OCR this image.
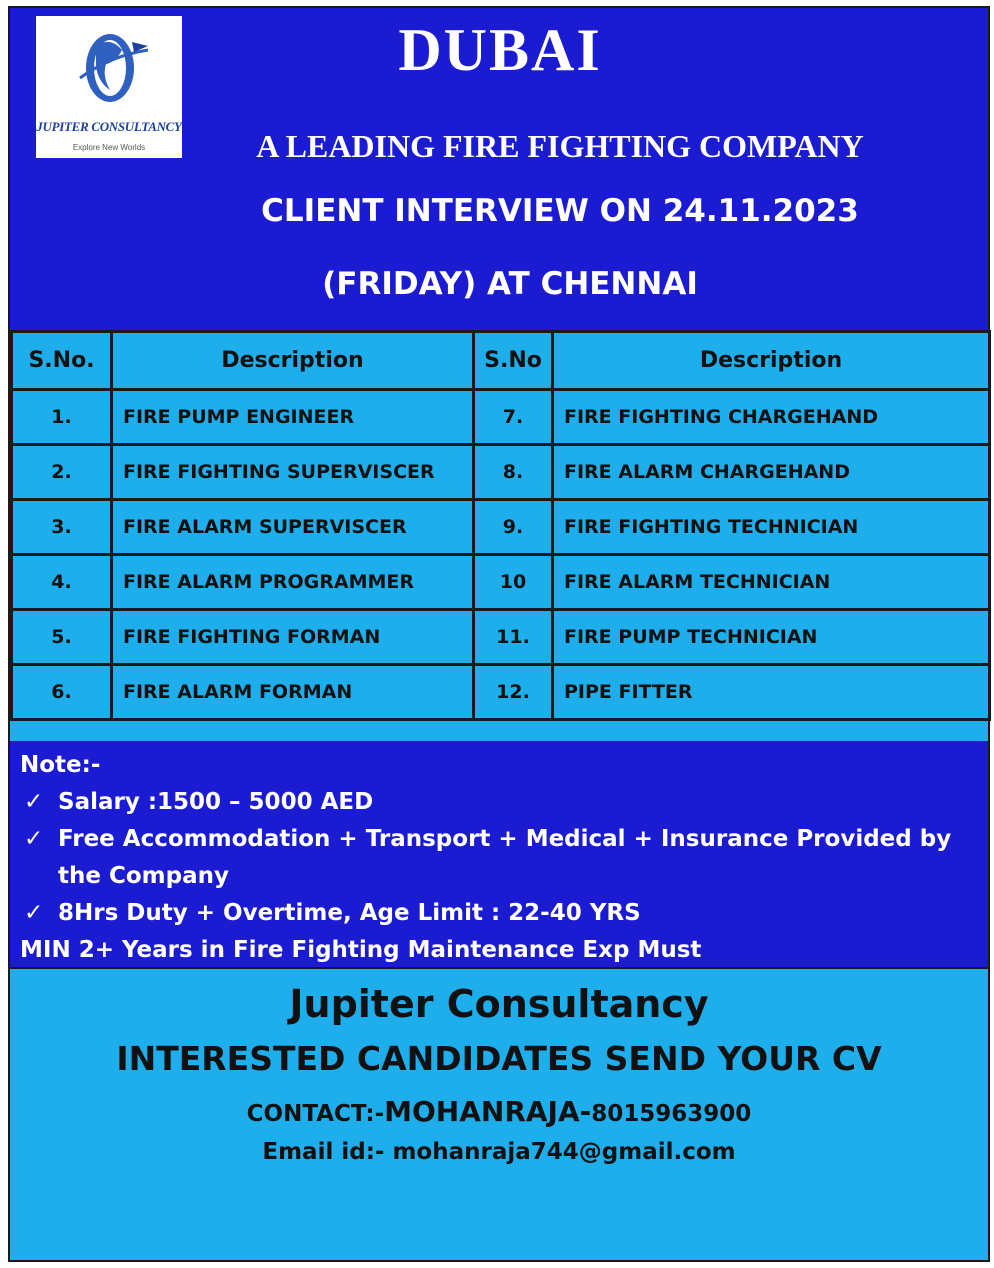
JUPITER CONSULTANCY
Explore New Worlds
DUBAI
A LEADING FIRE FIGHTING COMPANY
CLIENT INTERVIEW ON 24.11.2023
(FRIDAY) AT CHENNAI
S.No.	Description	S.No	Description
1.	FIRE PUMP ENGINEER	7.	FIRE FIGHTING CHARGEHAND
2.	FIRE FIGHTING SUPERVISCER	8.	FIRE ALARM CHARGEHAND
3.	FIRE ALARM SUPERVISCER	9.	FIRE FIGHTING TECHNICIAN
4.	FIRE ALARM PROGRAMMER	10	FIRE ALARM TECHNICIAN
5.	FIRE FIGHTING FORMAN	11.	FIRE PUMP TECHNICIAN
6.	FIRE ALARM FORMAN	12.	PIPE FITTER
Note:-
✓ Salary :1500 – 5000 AED
✓ Free Accommodation + Transport + Medical + Insurance Provided by the Company
✓ 8Hrs Duty + Overtime, Age Limit : 22-40 YRS
MIN 2+ Years in Fire Fighting Maintenance Exp Must
Jupiter Consultancy
INTERESTED CANDIDATES SEND YOUR CV
CONTACT:-MOHANRAJA-8015963900
Email id:- mohanraja744@gmail.com
